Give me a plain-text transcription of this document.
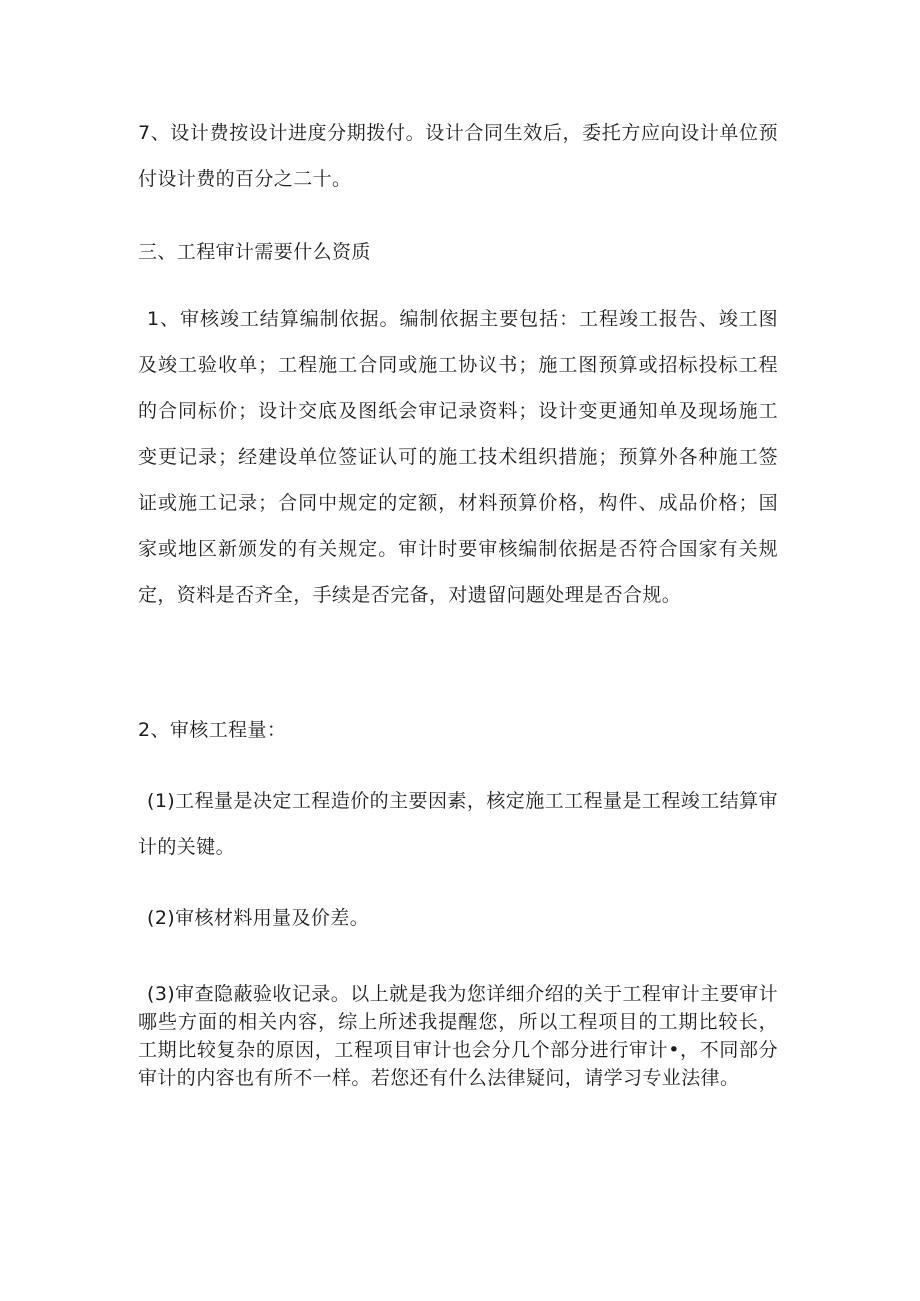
7、设计费按设计进度分期拨付。设计合同生效后，委托方应向设计单位预付设计费的百分之二十。

三、工程审计需要什么资质

1、审核竣工结算编制依据。编制依据主要包括：工程竣工报告、竣工图及竣工验收单；工程施工合同或施工协议书；施工图预算或招标投标工程的合同标价；设计交底及图纸会审记录资料；设计变更通知单及现场施工变更记录；经建设单位签证认可的施工技术组织措施；预算外各种施工签证或施工记录；合同中规定的定额，材料预算价格，构件、成品价格；国家或地区新颁发的有关规定。审计时要审核编制依据是否符合国家有关规定，资料是否齐全，手续是否完备，对遗留问题处理是否合规。

2、审核工程量：

(1)工程量是决定工程造价的主要因素，核定施工工程量是工程竣工结算审计的关键。

(2)审核材料用量及价差。

(3)审查隐蔽验收记录。以上就是我为您详细介绍的关于工程审计主要审计哪些方面的相关内容，综上所述我提醒您，所以工程项目的工期比较长，工期比较复杂的原因，工程项目审计也会分几个部分进行审计•，不同部分审计的内容也有所不一样。若您还有什么法律疑问，请学习专业法律。
